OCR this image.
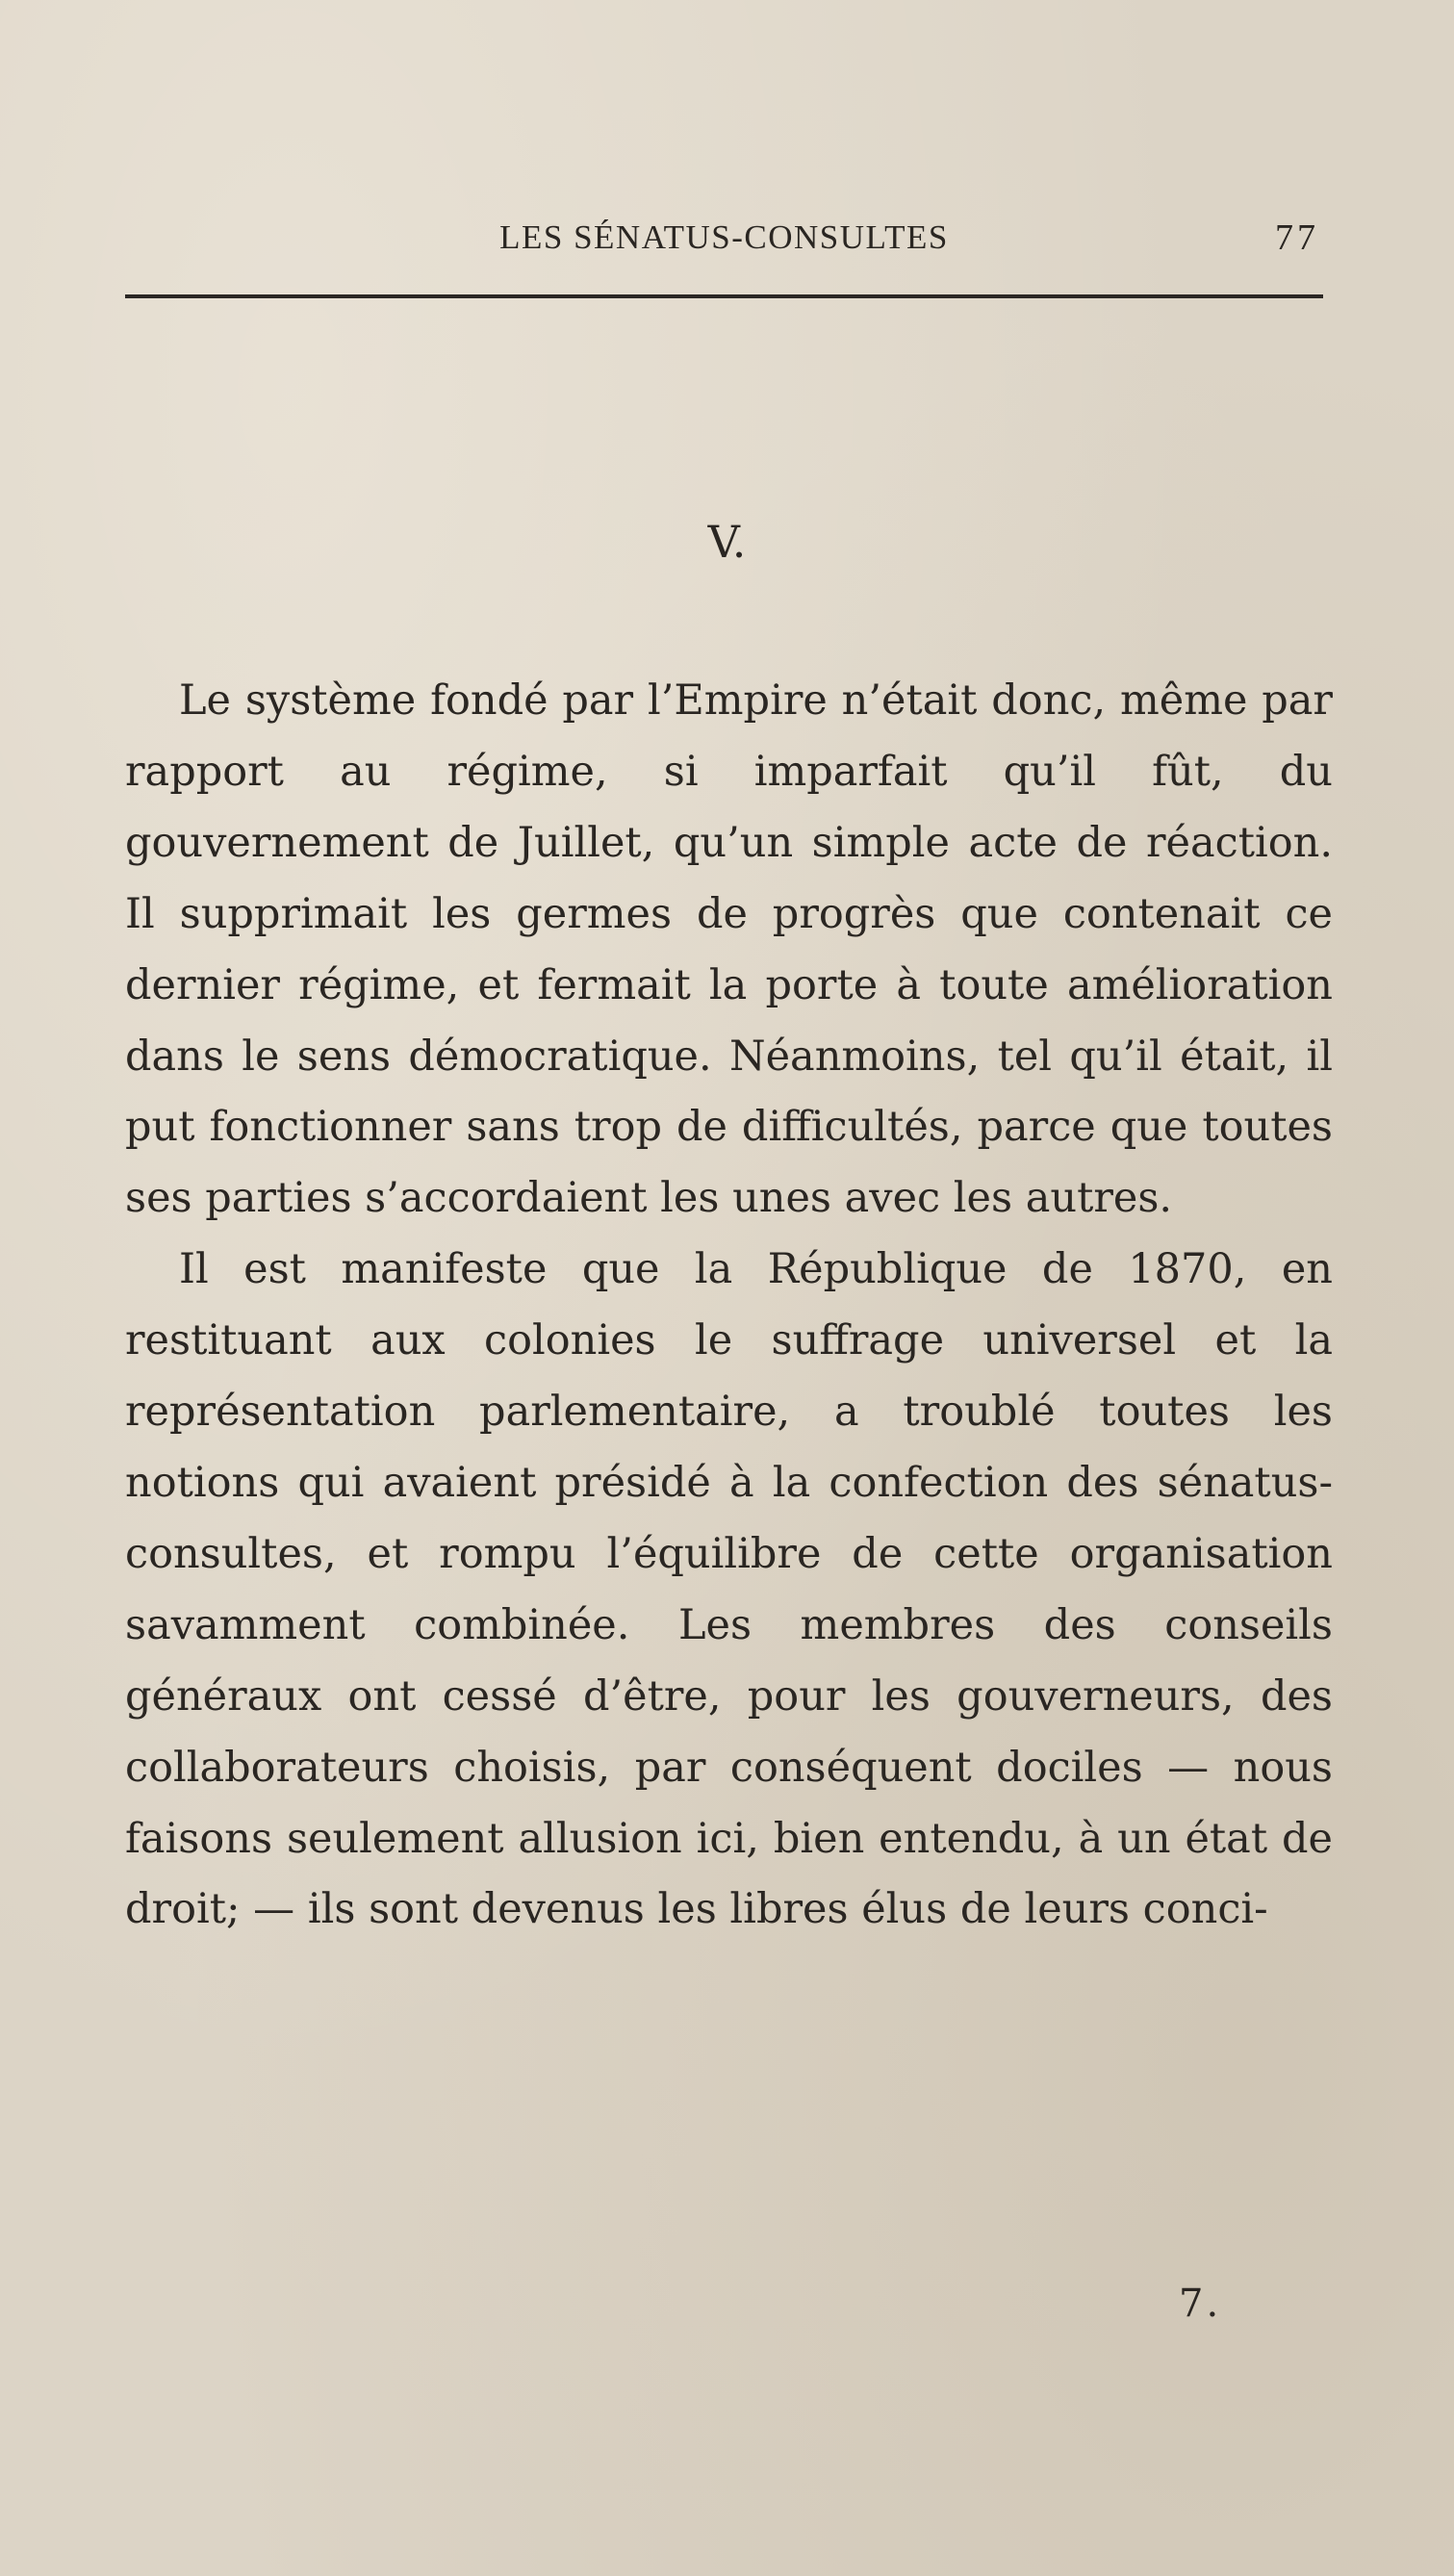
LES SÉNATUS-CONSULTES	77
V.

Le système fondé par l’Empire n’était donc, même par rapport au régime, si imparfait qu’il fût, du gouvernement de Juillet, qu’un simple acte de réaction. Il supprimait les germes de progrès que contenait ce dernier régime, et fermait la porte à toute amélioration dans le sens démocratique. Néanmoins, tel qu’il était, il put fonctionner sans trop de difficultés, parce que toutes ses parties s’accordaient les unes avec les autres.

Il est manifeste que la République de 1870, en restituant aux colonies le suffrage universel et la représentation parlementaire, a troublé toutes les notions qui avaient présidé à la confection des sénatus-consultes, et rompu l’équilibre de cette organisation savamment combinée. Les membres des conseils généraux ont cessé d’être, pour les gouverneurs, des collaborateurs choisis, par conséquent dociles — nous faisons seulement allusion ici, bien entendu, à un état de droit; — ils sont devenus les libres élus de leurs conci-

7.
